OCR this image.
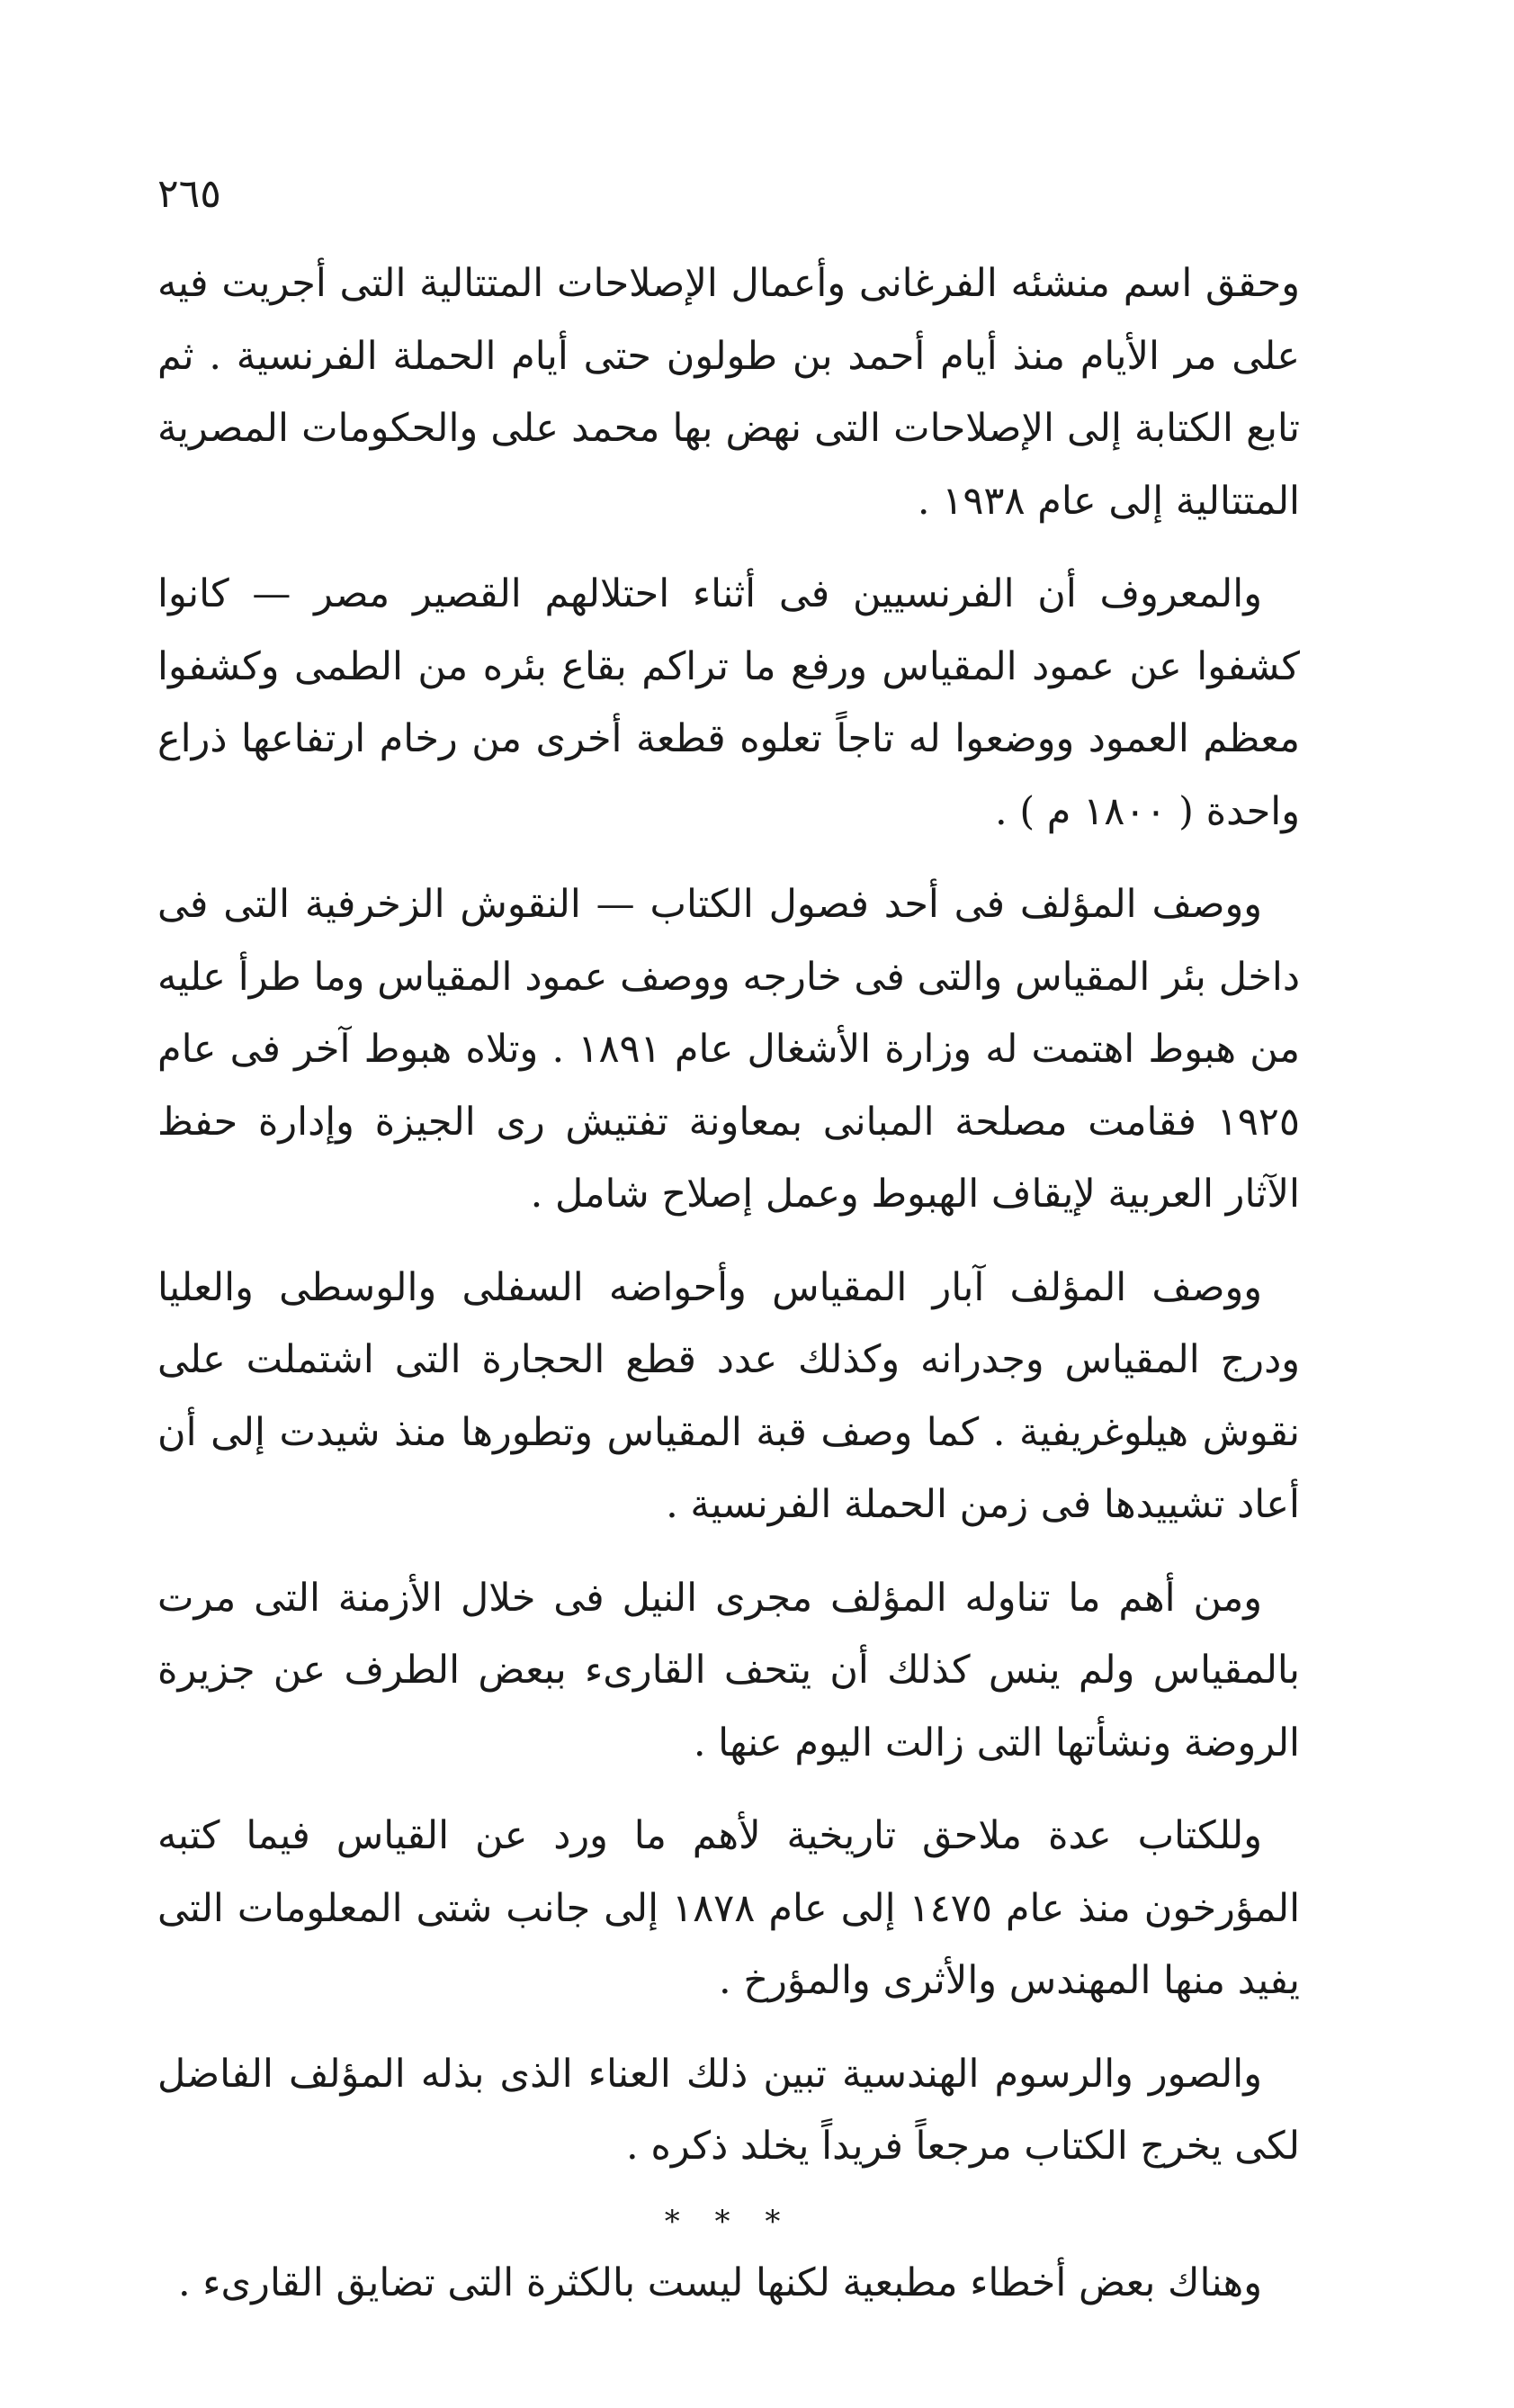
٢٦٥

وحقق اسم منشئه الفرغانى وأعمال الإصلاحات المتتالية التى أجريت فيه على مر الأيام منذ أيام أحمد بن طولون حتى أيام الحملة الفرنسية . ثم تابع الكتابة إلى الإصلاحات التى نهض بها محمد على والحكومات المصرية المتتالية إلى عام ١٩٣٨ .

والمعروف أن الفرنسيين فى أثناء احتلالهم القصير مصر — كانوا كشفوا عن عمود المقياس ورفع ما تراكم بقاع بئره من الطمى وكشفوا معظم العمود ووضعوا له تاجاً تعلوه قطعة أخرى من رخام ارتفاعها ذراع واحدة ( ١٨٠٠ م ) .

ووصف المؤلف فى أحد فصول الكتاب — النقوش الزخرفية التى فى داخل بئر المقياس والتى فى خارجه ووصف عمود المقياس وما طرأ عليه من هبوط اهتمت له وزارة الأشغال عام ١٨٩١ . وتلاه هبوط آخر فى عام ١٩٢٥ فقامت مصلحة المبانى بمعاونة تفتيش رى الجيزة وإدارة حفظ الآثار العربية لإيقاف الهبوط وعمل إصلاح شامل .

ووصف المؤلف آبار المقياس وأحواضه السفلى والوسطى والعليا ودرج المقياس وجدرانه وكذلك عدد قطع الحجارة التى اشتملت على نقوش هيلوغريفية . كما وصف قبة المقياس وتطورها منذ شيدت إلى أن أعاد تشييدها فى زمن الحملة الفرنسية .

ومن أهم ما تناوله المؤلف مجرى النيل فى خلال الأزمنة التى مرت بالمقياس ولم ينس كذلك أن يتحف القارىء ببعض الطرف عن جزيرة الروضة ونشأتها التى زالت اليوم عنها .

وللكتاب عدة ملاحق تاريخية لأهم ما ورد عن القياس فيما كتبه المؤرخون منذ عام ١٤٧٥ إلى عام ١٨٧٨ إلى جانب شتى المعلومات التى يفيد منها المهندس والأثرى والمؤرخ .

والصور والرسوم الهندسية تبين ذلك العناء الذى بذله المؤلف الفاضل لكى يخرج الكتاب مرجعاً فريداً يخلد ذكره .

* * *

وهناك بعض أخطاء مطبعية لكنها ليست بالكثرة التى تضايق القارىء .
